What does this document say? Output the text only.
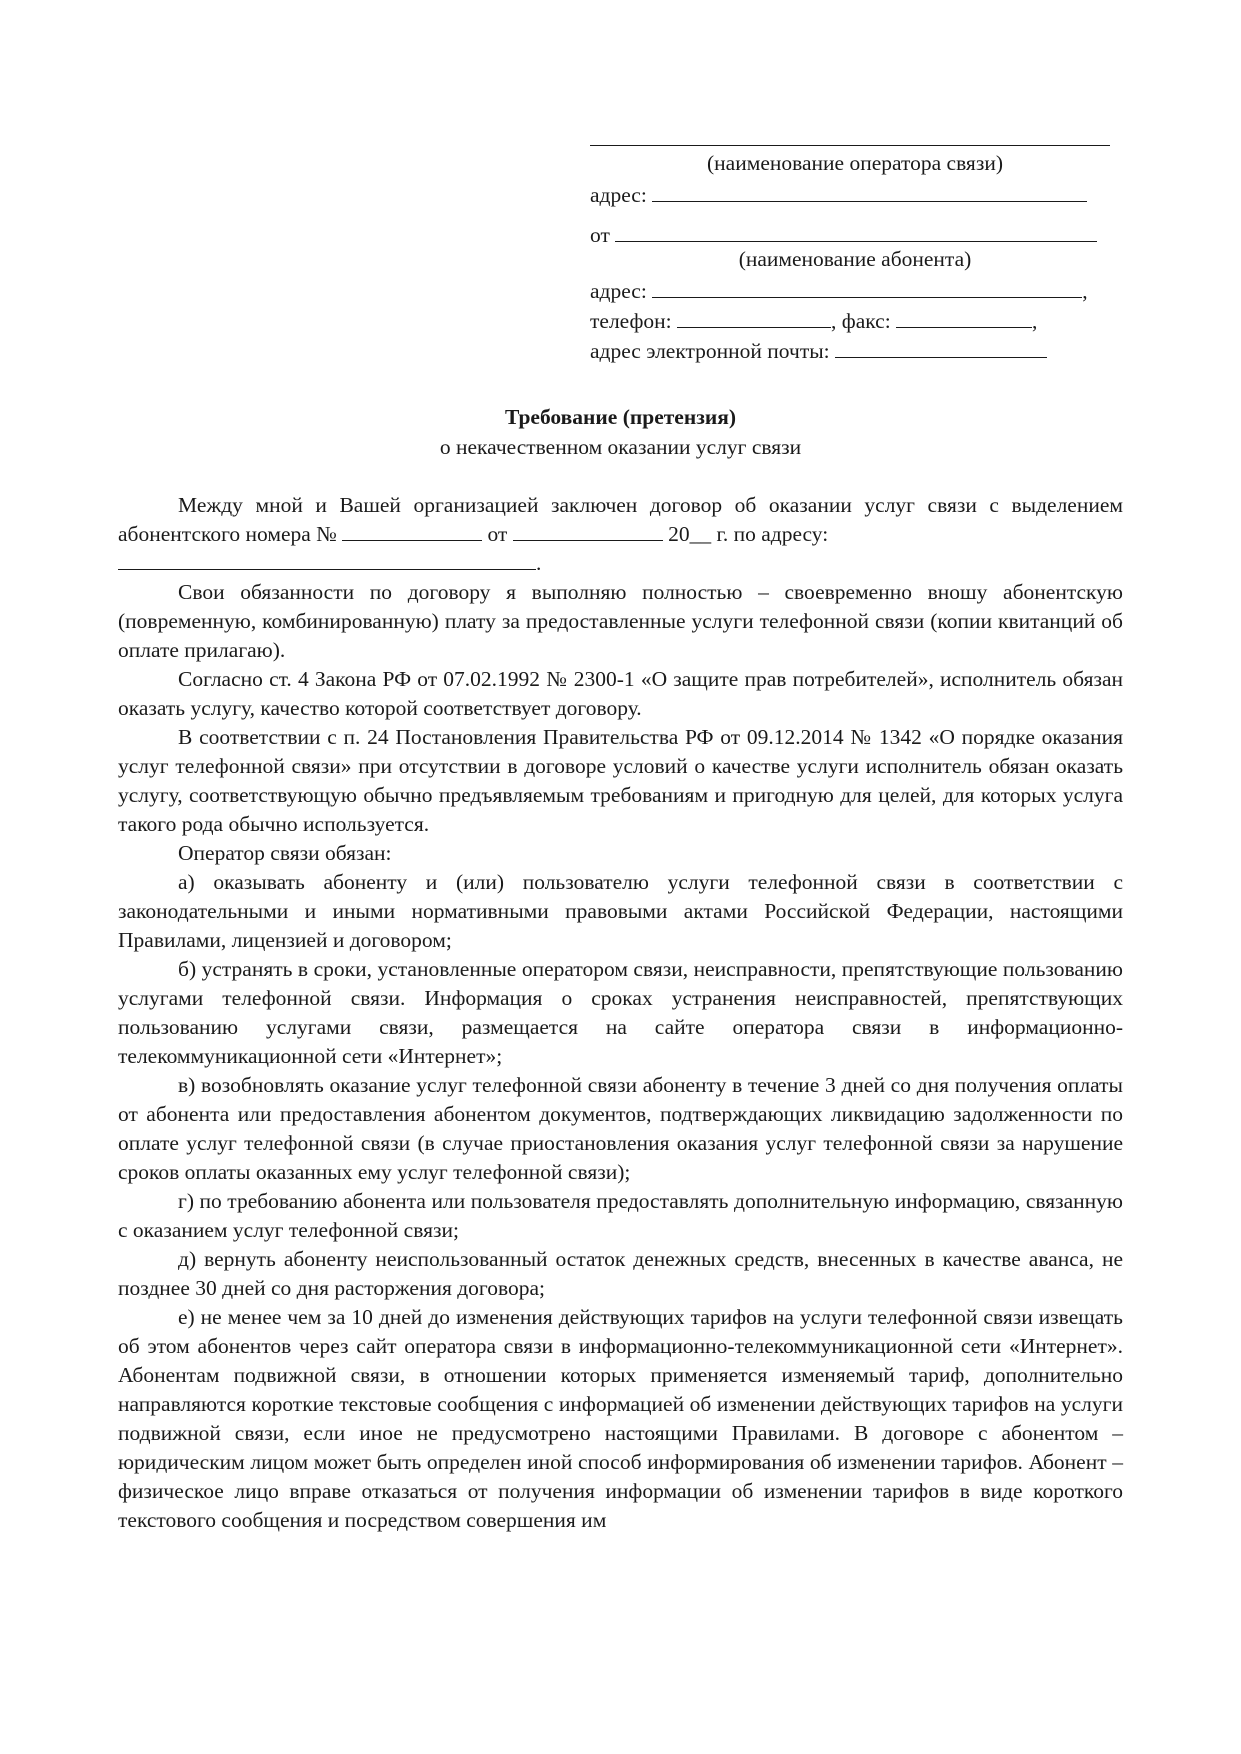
(наименование оператора связи)
адрес:
от
(наименование абонента)
адрес:	,
телефон:	, факс:	,
адрес электронной почты:
Требование (претензия)
о некачественном оказании услуг связи

Между мной и Вашей организацией заключен договор об оказании услуг связи с выделением абонентского номера №	от	20__ г. по адресу:
.

Свои обязанности по договору я выполняю полностью – своевременно вношу абонентскую (повременную, комбинированную) плату за предоставленные услуги телефонной связи (копии квитанций об оплате прилагаю).

Согласно ст. 4 Закона РФ от 07.02.1992 № 2300-1 «О защите прав потребителей», исполнитель обязан оказать услугу, качество которой соответствует договору.

В соответствии с п. 24 Постановления Правительства РФ от 09.12.2014 № 1342 «О порядке оказания услуг телефонной связи» при отсутствии в договоре условий о качестве услуги исполнитель обязан оказать услугу, соответствующую обычно предъявляемым требованиям и пригодную для целей, для которых услуга такого рода обычно используется.

Оператор связи обязан:

а) оказывать абоненту и (или) пользователю услуги телефонной связи в соответствии с законодательными и иными нормативными правовыми актами Российской Федерации, настоящими Правилами, лицензией и договором;

б) устранять в сроки, установленные оператором связи, неисправности, препятствующие пользованию услугами телефонной связи. Информация о сроках устранения неисправностей, препятствующих пользованию услугами связи, размещается на сайте оператора связи в информационно-телекоммуникационной сети «Интернет»;

в) возобновлять оказание услуг телефонной связи абоненту в течение 3 дней со дня получения оплаты от абонента или предоставления абонентом документов, подтверждающих ликвидацию задолженности по оплате услуг телефонной связи (в случае приостановления оказания услуг телефонной связи за нарушение сроков оплаты оказанных ему услуг телефонной связи);

г) по требованию абонента или пользователя предоставлять дополнительную информацию, связанную с оказанием услуг телефонной связи;

д) вернуть абоненту неиспользованный остаток денежных средств, внесенных в качестве аванса, не позднее 30 дней со дня расторжения договора;

е) не менее чем за 10 дней до изменения действующих тарифов на услуги телефонной связи извещать об этом абонентов через сайт оператора связи в информационно-телекоммуникационной сети «Интернет». Абонентам подвижной связи, в отношении которых применяется изменяемый тариф, дополнительно направляются короткие текстовые сообщения с информацией об изменении действующих тарифов на услуги подвижной связи, если иное не предусмотрено настоящими Правилами. В договоре с абонентом – юридическим лицом может быть определен иной способ информирования об изменении тарифов. Абонент – физическое лицо вправе отказаться от получения информации об изменении тарифов в виде короткого текстового сообщения и посредством совершения им
